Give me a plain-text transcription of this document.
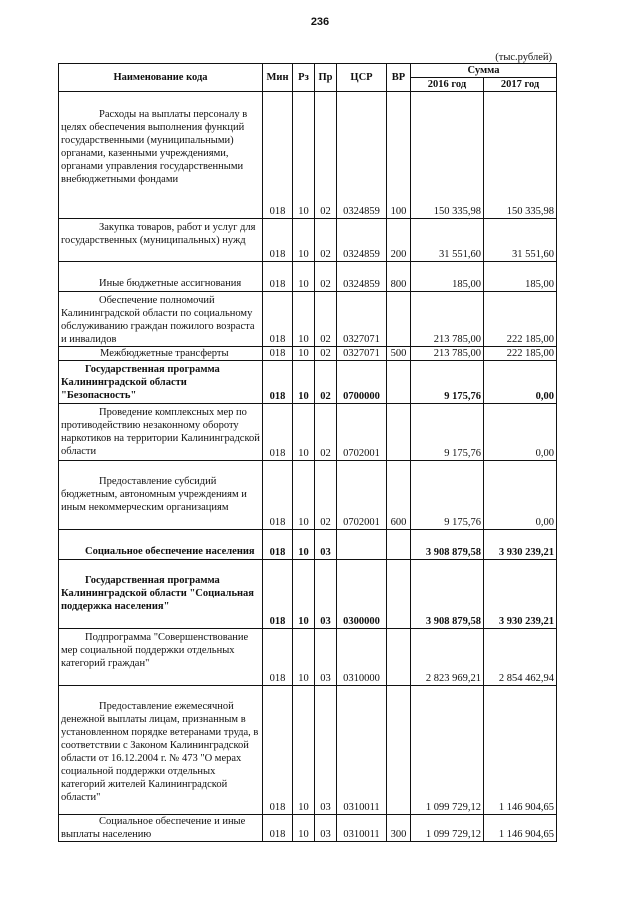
236
(тыс.рублей)
Наименование кода	Мин	Рз	Пр	ЦСР	ВР	Сумма	
						2016 год	2017 год

Расходы на выплаты персоналу в целях обеспечения выполнения функций государственными (муниципальными) органами, казенными учреждениями, органами управления государственными внебюджетными фондами	018	10	02	0324859	100	150 335,98	150 335,98

Закупка товаров, работ и услуг для государственных (муниципальных) нужд	018	10	02	0324859	200	31 551,60	31 551,60

Иные бюджетные ассигнования	018	10	02	0324859	800	185,00	185,00

Обеспечение полномочий Калининградской области по социальному обслуживанию граждан пожилого возраста и инвалидов	018	10	02	0327071		213 785,00	222 185,00

Межбюджетные трансферты	018	10	02	0327071	500	213 785,00	222 185,00

Государственная программа Калининградской области "Безопасность"	018	10	02	0700000		9 175,76	0,00

Проведение комплексных мер по противодействию незаконному обороту наркотиков на территории Калининградской области	018	10	02	0702001		9 175,76	0,00

Предоставление субсидий бюджетным, автономным учреждениям и иным некоммерческим организациям	018	10	02	0702001	600	9 175,76	0,00

Социальное обеспечение населения	018	10	03			3 908 879,58	3 930 239,21

Государственная программа Калининградской области "Социальная поддержка населения"	018	10	03	0300000		3 908 879,58	3 930 239,21

Подпрограмма "Совершенствование мер социальной поддержки отдельных категорий граждан"	018	10	03	0310000		2 823 969,21	2 854 462,94

Предоставление ежемесячной денежной выплаты лицам, признанным в установленном порядке ветеранами труда, в соответствии с Законом Калининградской области от 16.12.2004 г. № 473 "О мерах социальной поддержки отдельных категорий жителей Калининградской области"	018	10	03	0310011		1 099 729,12	1 146 904,65

Социальное обеспечение и иные выплаты населению	018	10	03	0310011	300	1 099 729,12	1 146 904,65
